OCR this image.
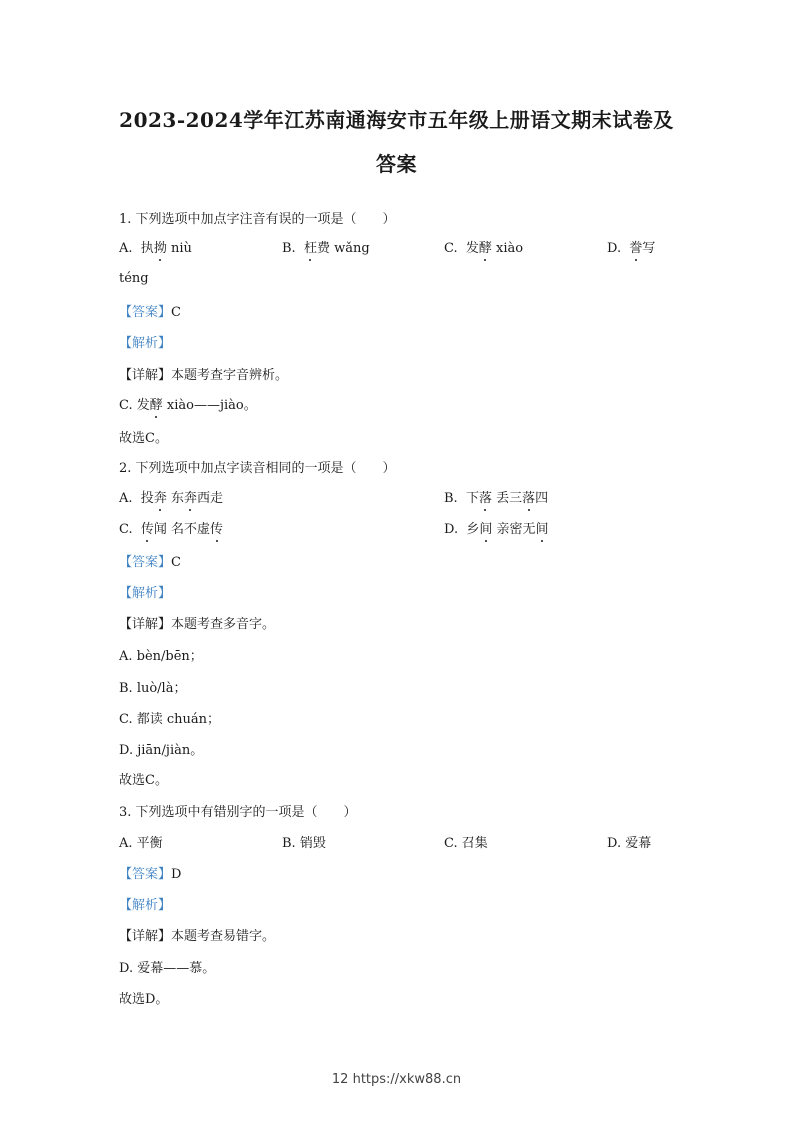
2023-2024学年江苏南通海安市五年级上册语文期末试卷及
答案
1. 下列选项中加点字注音有误的一项是（　　）
A. 执拗 niù	B. 枉费 wǎng	C. 发酵 xiào	D. 誊写
téng
【答案】C
【解析】
【详解】本题考查字音辨析。
C. 发酵 xiào——jiào。
故选C。
2. 下列选项中加点字读音相同的一项是（　　）
A. 投奔 东奔西走	B. 下落 丢三落四
C. 传闻 名不虚传	D. 乡间 亲密无间
【答案】C
【解析】
【详解】本题考查多音字。
A. bèn/bēn；
B. luò/là；
C. 都读 chuán；
D. jiān/jiàn。
故选C。
3. 下列选项中有错别字的一项是（　　）
A. 平衡	B. 销毁	C. 召集	D. 爱幕
【答案】D
【解析】
【详解】本题考查易错字。
D. 爱幕——慕。
故选D。
12 https://xkw88.cn
